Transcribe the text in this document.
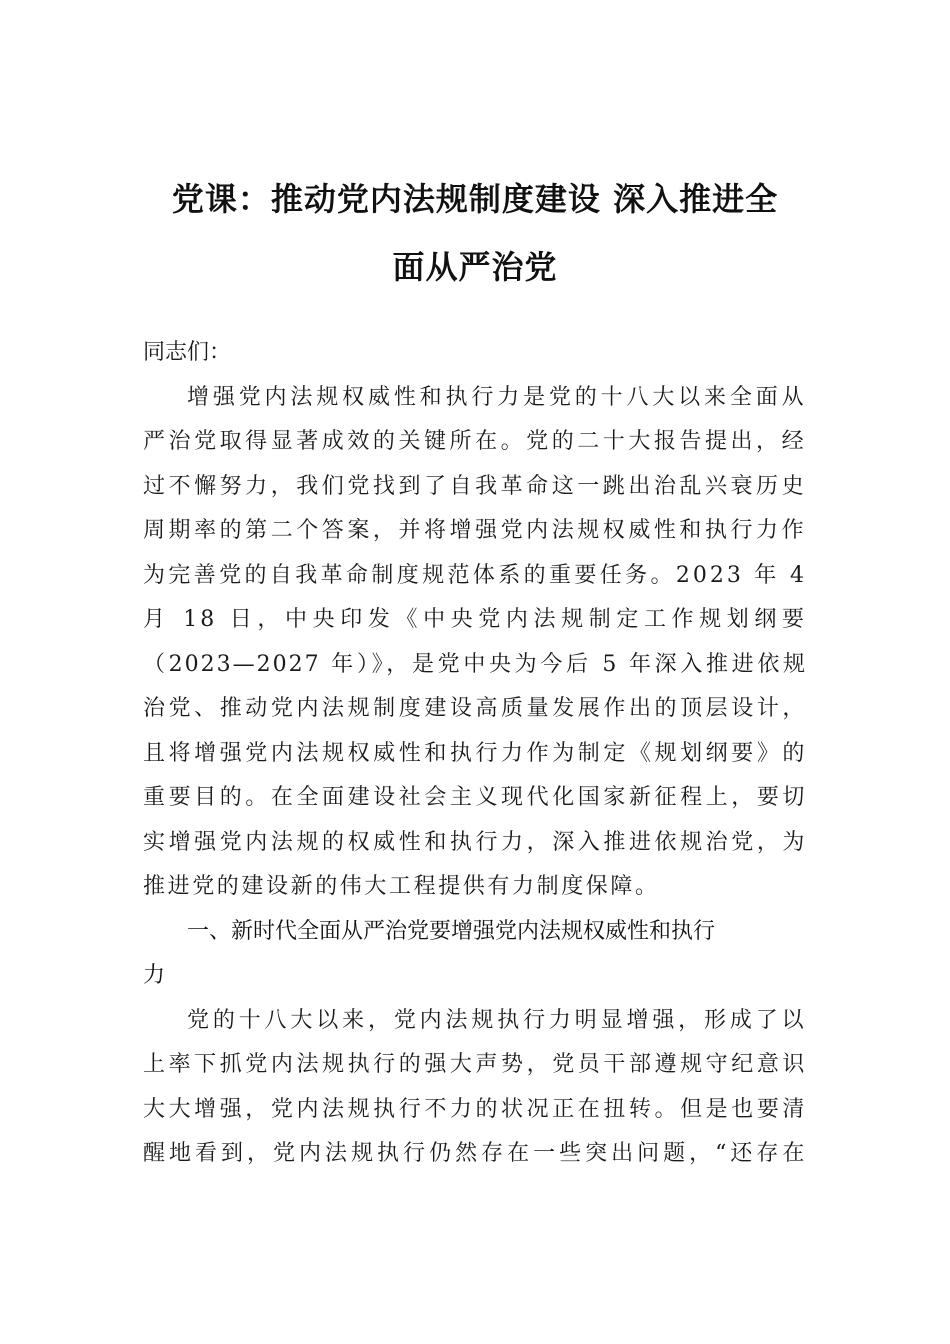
党课：推动党内法规制度建设 深入推进全
面从严治党

同志们：

增强党内法规权威性和执行力是党的十八大以来全面从
严治党取得显著成效的关键所在。党的二十大报告提出，经
过不懈努力，我们党找到了自我革命这一跳出治乱兴衰历史
周期率的第二个答案，并将增强党内法规权威性和执行力作
为完善党的自我革命制度规范体系的重要任务。2023 年 4
月 18 日，中央印发《中央党内法规制定工作规划纲要
（2023—2027 年）》，是党中央为今后 5 年深入推进依规
治党、推动党内法规制度建设高质量发展作出的顶层设计，
且将增强党内法规权威性和执行力作为制定《规划纲要》的
重要目的。在全面建设社会主义现代化国家新征程上，要切
实增强党内法规的权威性和执行力，深入推进依规治党，为
推进党的建设新的伟大工程提供有力制度保障。
一、新时代全面从严治党要增强党内法规权威性和执行
力
党的十八大以来，党内法规执行力明显增强，形成了以
上率下抓党内法规执行的强大声势，党员干部遵规守纪意识
大大增强，党内法规执行不力的状况正在扭转。但是也要清
醒地看到，党内法规执行仍然存在一些突出问题，“还存在
